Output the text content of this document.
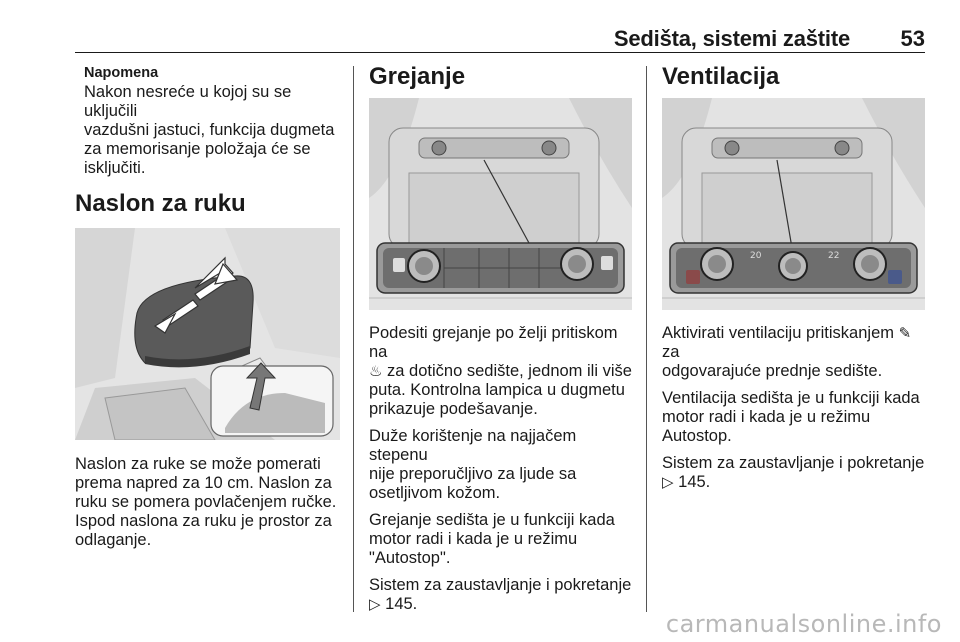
Sedišta, sistemi zaštite 53
Napomena
Nakon nesreće u kojoj su se uključili
vazdušni jastuci, funkcija dugmeta
za memorisanje položaja će se
isključiti.
Naslon za ruku
Naslon za ruke se može pomerati
prema napred za 10 cm. Naslon za
ruku se pomera povlačenjem ručke.
Ispod naslona za ruku je prostor za
odlaganje.
Grejanje
Podesiti grejanje po želji pritiskom na
♨ za dotično sedište, jednom ili više
puta. Kontrolna lampica u dugmetu
prikazuje podešavanje.
Duže korištenje na najjačem stepenu
nije preporučljivo za ljude sa
osetljivom kožom.
Grejanje sedišta je u funkciji kada
motor radi i kada je u režimu
"Autostop".
Sistem za zaustavljanje i pokretanje
▷ 145.
Ventilacija
20	22
Aktivirati ventilaciju pritiskanjem ✎ za
odgovarajuće prednje sedište.
Ventilacija sedišta je u funkciji kada
motor radi i kada je u režimu
Autostop.
Sistem za zaustavljanje i pokretanje
▷ 145.
carmanualsonline.info
